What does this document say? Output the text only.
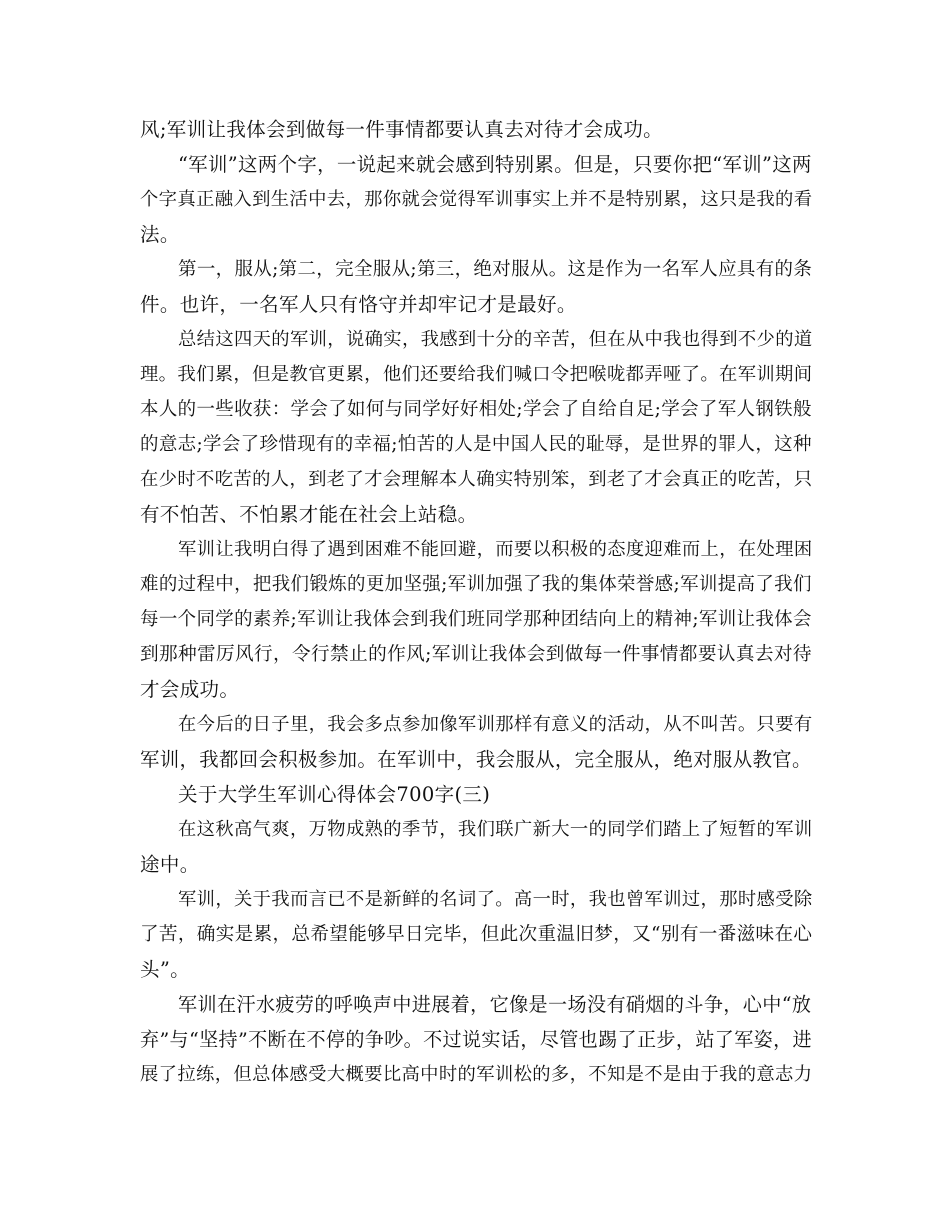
风;军训让我体会到做每一件事情都要认真去对待才会成功。
“军训”这两个字，一说起来就会感到特别累。但是，只要你把“军训”这两
个字真正融入到生活中去，那你就会觉得军训事实上并不是特别累，这只是我的看
法。
第一，服从;第二，完全服从;第三，绝对服从。这是作为一名军人应具有的条
件。也许，一名军人只有恪守并却牢记才是最好。
总结这四天的军训，说确实，我感到十分的辛苦，但在从中我也得到不少的道
理。我们累，但是教官更累，他们还要给我们喊口令把喉咙都弄哑了。在军训期间
本人的一些收获：学会了如何与同学好好相处;学会了自给自足;学会了军人钢铁般
的意志;学会了珍惜现有的幸福;怕苦的人是中国人民的耻辱，是世界的罪人，这种
在少时不吃苦的人，到老了才会理解本人确实特别笨，到老了才会真正的吃苦，只
有不怕苦、不怕累才能在社会上站稳。
军训让我明白得了遇到困难不能回避，而要以积极的态度迎难而上，在处理困
难的过程中，把我们锻炼的更加坚强;军训加强了我的集体荣誉感;军训提高了我们
每一个同学的素养;军训让我体会到我们班同学那种团结向上的精神;军训让我体会
到那种雷厉风行，令行禁止的作风;军训让我体会到做每一件事情都要认真去对待
才会成功。
在今后的日子里，我会多点参加像军训那样有意义的活动，从不叫苦。只要有
军训，我都回会积极参加。在军训中，我会服从，完全服从，绝对服从教官。
关于大学生军训心得体会700字(三)
在这秋高气爽，万物成熟的季节，我们联广新大一的同学们踏上了短暂的军训
途中。
军训，关于我而言已不是新鲜的名词了。高一时，我也曾军训过，那时感受除
了苦，确实是累，总希望能够早日完毕，但此次重温旧梦，又“别有一番滋味在心
头”。
军训在汗水疲劳的呼唤声中进展着，它像是一场没有硝烟的斗争，心中“放
弃”与“坚持”不断在不停的争吵。不过说实话，尽管也踢了正步，站了军姿，进
展了拉练，但总体感受大概要比高中时的军训松的多，不知是不是由于我的意志力
